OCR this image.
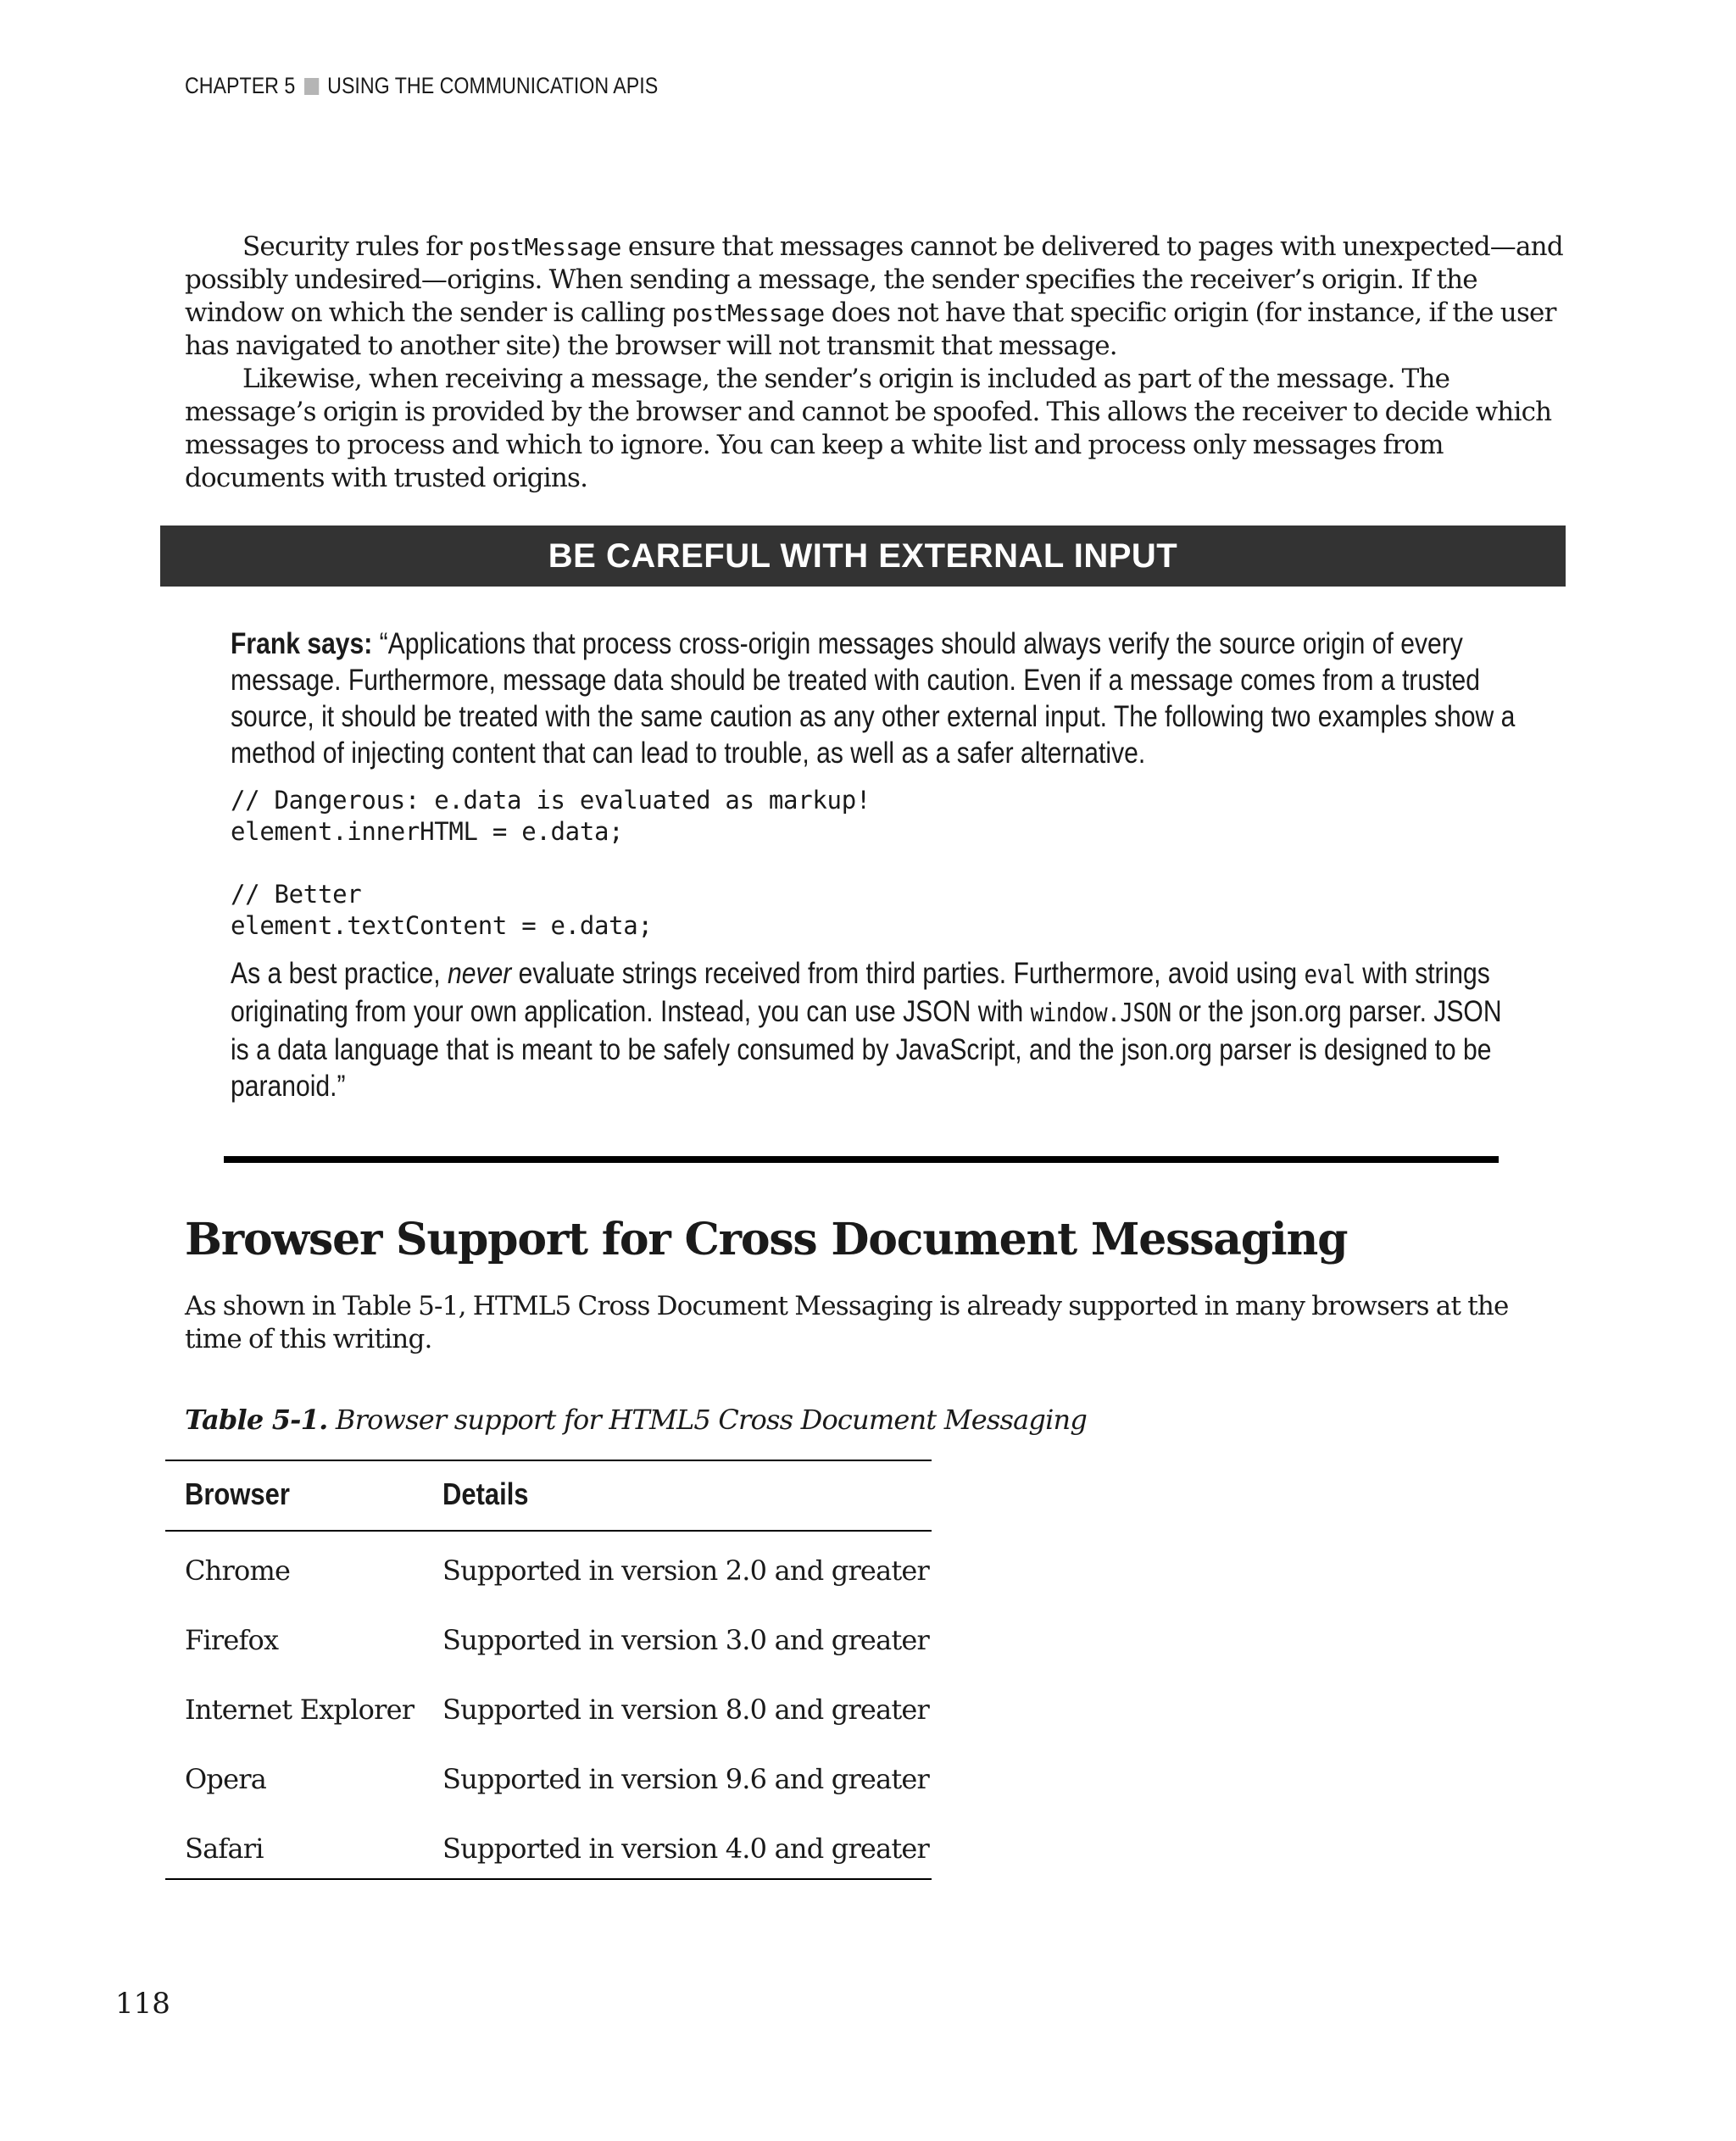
CHAPTER 5 USING THE COMMUNICATION APIS

Security rules for postMessage ensure that messages cannot be delivered to pages with unexpected—and possibly undesired—origins. When sending a message, the sender specifies the receiver’s origin. If the window on which the sender is calling postMessage does not have that specific origin (for instance, if the user has navigated to another site) the browser will not transmit that message.

Likewise, when receiving a message, the sender’s origin is included as part of the message. The message’s origin is provided by the browser and cannot be spoofed. This allows the receiver to decide which messages to process and which to ignore. You can keep a white list and process only messages from documents with trusted origins.

BE CAREFUL WITH EXTERNAL INPUT

Frank says: “Applications that process cross-origin messages should always verify the source origin of every message. Furthermore, message data should be treated with caution. Even if a message comes from a trusted source, it should be treated with the same caution as any other external input. The following two examples show a method of injecting content that can lead to trouble, as well as a safer alternative.

// Dangerous: e.data is evaluated as markup!
element.innerHTML = e.data;

// Better
element.textContent = e.data;

As a best practice, never evaluate strings received from third parties. Furthermore, avoid using eval with strings originating from your own application. Instead, you can use JSON with window.JSON or the json.org parser. JSON is a data language that is meant to be safely consumed by JavaScript, and the json.org parser is designed to be paranoid.”

Browser Support for Cross Document Messaging

As shown in Table 5-1, HTML5 Cross Document Messaging is already supported in many browsers at the time of this writing.

Table 5-1. Browser support for HTML5 Cross Document Messaging
Browser	Details
Chrome	Supported in version 2.0 and greater
Firefox	Supported in version 3.0 and greater
Internet Explorer Supported in version 8.0 and greater
Opera	Supported in version 9.6 and greater
Safari	Supported in version 4.0 and greater
118
